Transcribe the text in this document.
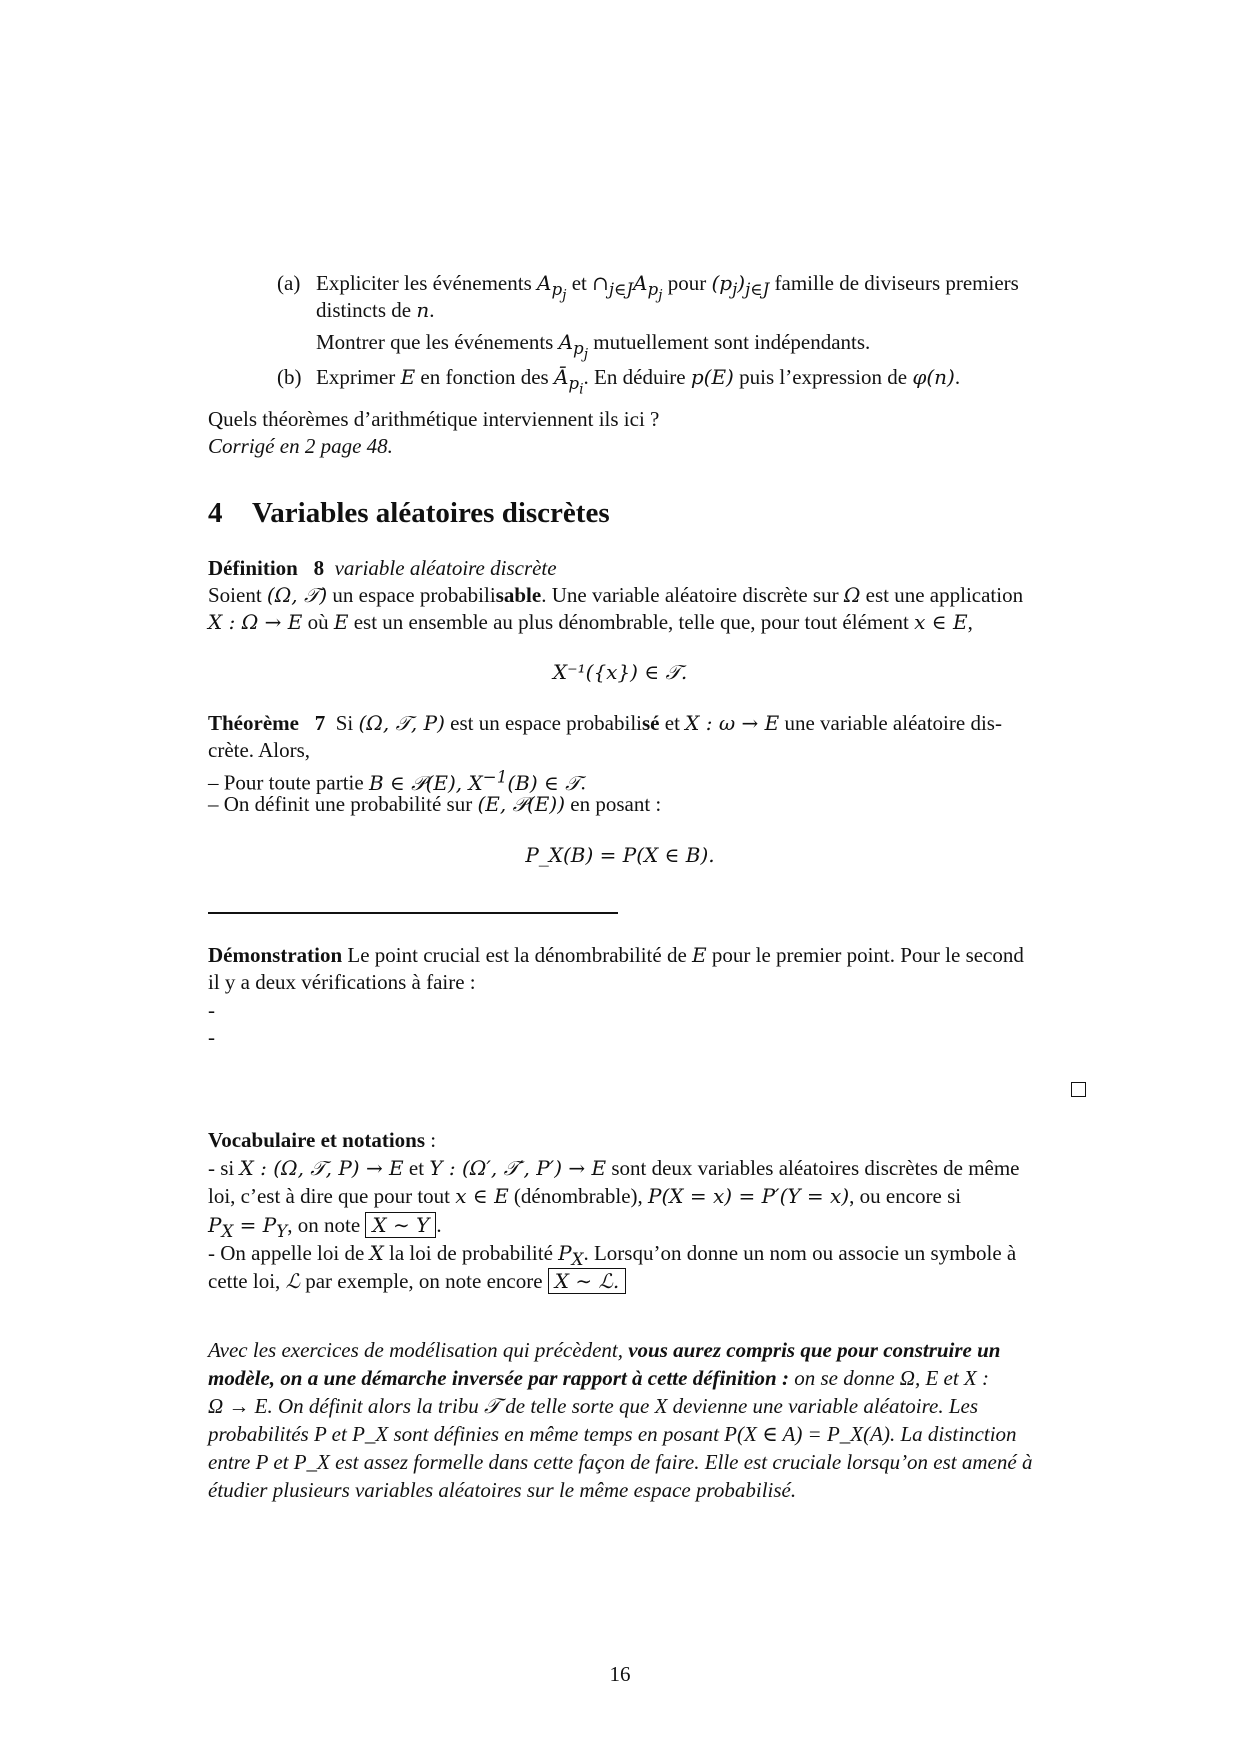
(a) Expliciter les événements $A_{p_j}$ et $\cap_{j\in J}A_{p_j}$ pour $(p_j)_{j\in J}$ famille de diviseurs premiers
distincts de n.
Montrer que les événements $A_{p_j}$ mutuellement sont indépendants.
(b) Exprimer E en fonction des $Ā_{p_i}$. En déduire p(E) puis l’expression de φ(n).
Quels théorèmes d’arithmétique interviennent ils ici ?
Corrigé en 2 page 48.
4 Variables aléatoires discrètes
Définition 8 variable aléatoire discrète
Soient (Ω, 𝒯) un espace probabilisable. Une variable aléatoire discrète sur Ω est une application
X : Ω → E où E est un ensemble au plus dénombrable, telle que, pour tout élément x ∈ E,
X⁻¹({x}) ∈ 𝒯.
Théorème 7 Si (Ω, 𝒯, P) est un espace probabilisé et X : ω → E une variable aléatoire dis-
crète. Alors,
– Pour toute partie B ∈ 𝒫(E), $X^{-1}(B)$ ∈ 𝒯.
– On définit une probabilité sur (E, 𝒫(E)) en posant :
P_X(B) = P(X ∈ B).
Démonstration Le point crucial est la dénombrabilité de E pour le premier point. Pour le second
il y a deux vérifications à faire :
-
-
Vocabulaire et notations :
- si X : (Ω, 𝒯, P) → E et Y : (Ω′, 𝒯′, P′) → E sont deux variables aléatoires discrètes de même
loi, c’est à dire que pour tout x ∈ E (dénombrable), P(X = x) = P′(Y = x), ou encore si
$P_X = P_Y$, on note X ∼ Y .
- On appelle loi de X la loi de probabilité $P_X$. Lorsqu’on donne un nom ou associe un symbole à
cette loi, ℒ par exemple, on note encore X ∼ ℒ.
Avec les exercices de modélisation qui précèdent, vous aurez compris que pour construire un
modèle, on a une démarche inversée par rapport à cette définition : on se donne Ω, E et X :
Ω → E. On définit alors la tribu 𝒯 de telle sorte que X devienne une variable aléatoire. Les
probabilités P et P_X sont définies en même temps en posant P(X ∈ A) = P_X(A). La distinction
entre P et P_X est assez formelle dans cette façon de faire. Elle est cruciale lorsqu’on est amené à
étudier plusieurs variables aléatoires sur le même espace probabilisé.
16
